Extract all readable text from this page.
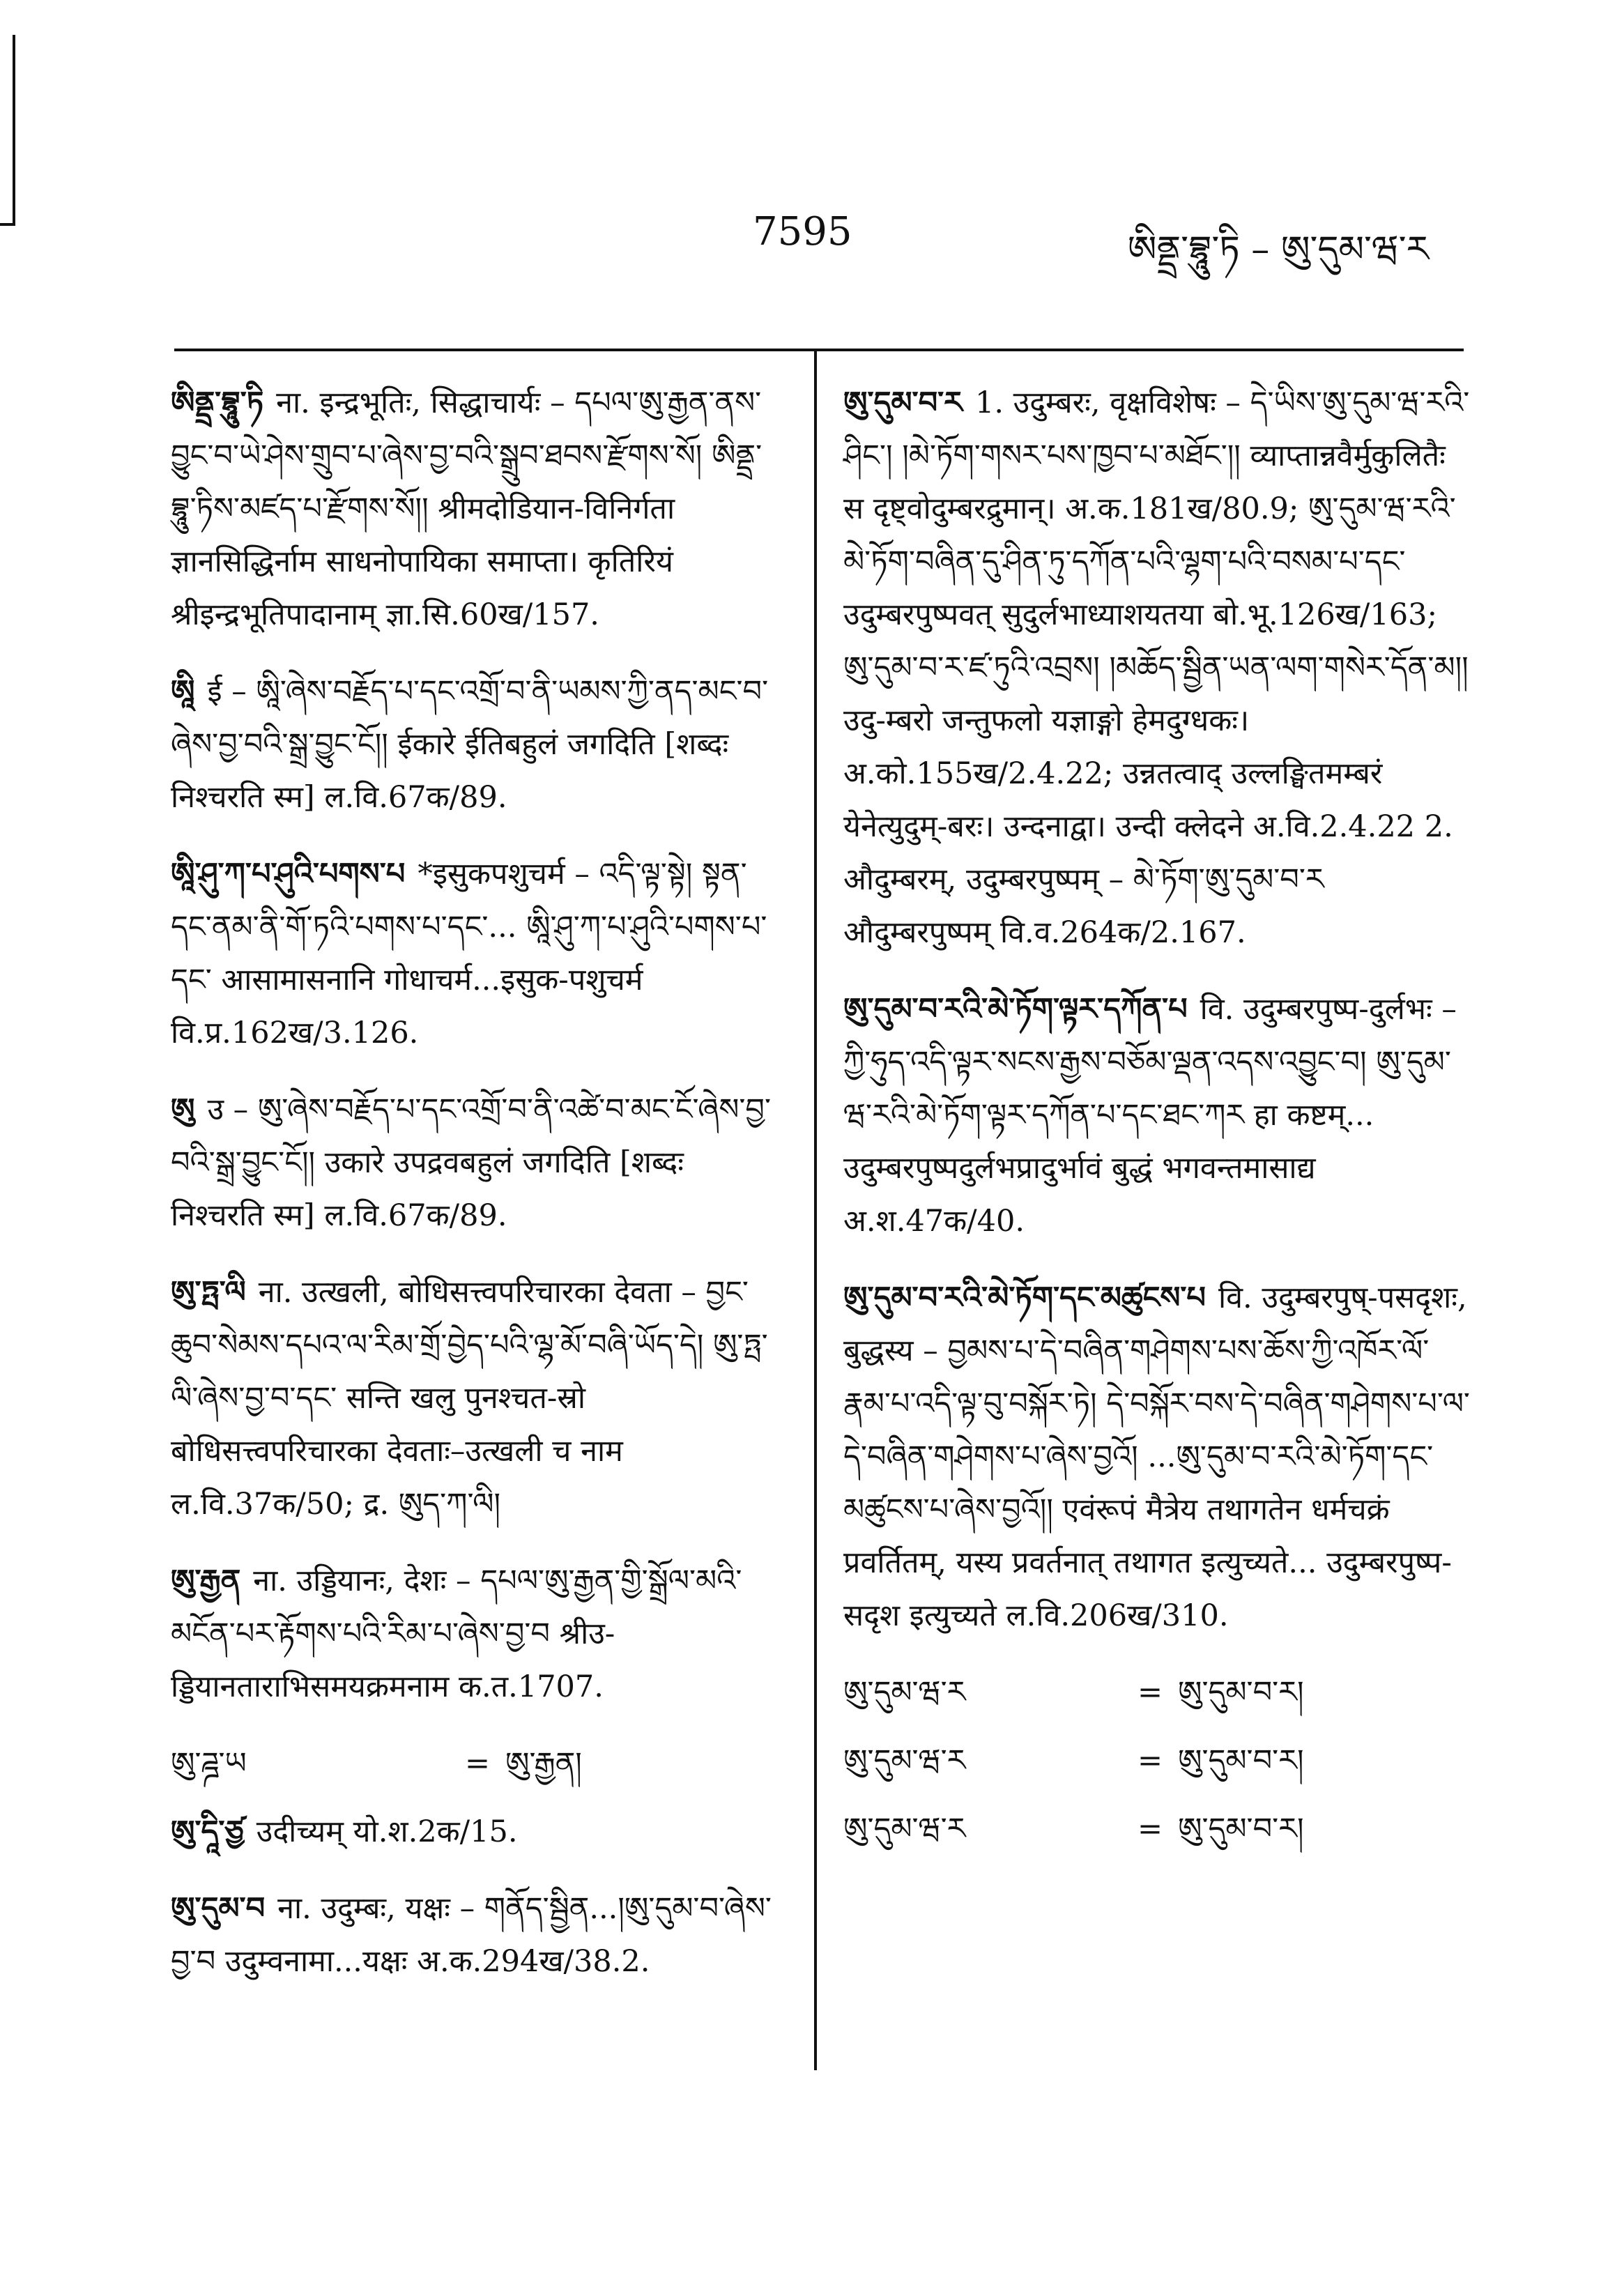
7595	ཨིནྡྲ་བྷཱུ་ཏི – ཨུ་དུམ་ཝ་ར
ཨིནྡྲ་བྷཱུ་ཏི ना. इन्द्रभूतिः, सिद्धाचार्यः – དཔལ་ཨུ་རྒྱན་ནས་བྱུང་བ་ཡེ་ཤེས་གྲུབ་པ་ཞེས་བྱ་བའི་སྒྲུབ་ཐབས་རྫོགས་སོ། ཨིནྡྲ་བྷཱུ་ཏིས་མཛད་པ་རྫོགས་སོ།། श्रीमदोडियान-विनिर्गता ज्ञानसिद्धिर्नाम साधनोपायिका समाप्ता। कृतिरियं श्रीइन्द्रभूतिपादानाम् ज्ञा.सि.60ख/157.
ཨཱི ई – ཨཱི་ཞེས་བརྗོད་པ་དང་འགྲོ་བ་ནི་ཡམས་ཀྱི་ནད་མང་བ་ཞེས་བྱ་བའི་སྒྲ་བྱུང་ངོ།། ईकारे ईतिबहुलं जगदिति [शब्दः निश्चरति स्म] ल.वि.67क/89.
ཨཱི་ཤུ་ཀ་པ་ཤུའི་པགས་པ *इसुकपशुचर्म – འདི་ལྟ་སྟེ། སྟན་དང་ནམ་ནི་གོ་ཏའི་པགས་པ་དང་... ཨཱི་ཤུ་ཀ་པ་ཤུའི་པགས་པ་དང་ आसामासनानि गोधाचर्म...इसुक-पशुचर्म वि.प्र.162ख/3.126.
ཨུ उ – ཨུ་ཞེས་བརྗོད་པ་དང་འགྲོ་བ་ནི་འཚེ་བ་མང་ངོ་ཞེས་བྱ་བའི་སྒྲ་བྱུང་ངོ།། उकारे उपद्रवबहुलं जगदिति [शब्दः निश्चरति स्म] ल.वि.67क/89.
ཨུ་ཏྤ་ལི ना. उत्खली, बोधिसत्त्वपरिचारका देवता – བྱང་ཆུབ་སེམས་དཔའ་ལ་རིམ་གྲོ་བྱེད་པའི་ལྷ་མོ་བཞི་ཡོད་དེ། ཨུ་ཏྤ་ལི་ཞེས་བྱ་བ་དང་ सन्ति खलु पुनश्चत-स्रो बोधिसत्त्वपरिचारका देवताः–उत्खली च नाम ल.वि.37क/50; द्र. ཨུད་ཀ་ལི།
ཨུ་རྒྱན ना. उड्डियानः, देशः – དཔལ་ཨུ་རྒྱན་གྱི་སྒྲོལ་མའི་མངོན་པར་རྟོགས་པའི་རིམ་པ་ཞེས་བྱ་བ श्रीउ-ड्डियानताराभिसमयक्रमनाम क.त.1707.
ཨུ་ཌྜ་ཡ	= ཨུ་རྒྱན།
ཨུ་དཱི་ཙྱ उदीच्यम् यो.श.2क/15.
ཨུ་དུམ་བ ना. उदुम्बः, यक्षः – གནོད་སྦྱིན...།ཨུ་དུམ་བ་ཞེས་བྱ་བ उदुम्वनामा...यक्षः अ.क.294ख/38.2.
ཨུ་དུམ་བ་ར 1. उदुम्बरः, वृक्षविशेषः – དེ་ཡིས་ཨུ་དུམ་ཝ་རའི་ཤིང་། །མེ་ཏོག་གསར་པས་ཁྱབ་པ་མཐོང་།། व्याप्तान्नवैर्मुकुलितैः स दृष्ट्वोदुम्बरद्रुमान्। अ.क.181ख/80.9; ཨུ་དུམ་ཝ་རའི་མེ་ཏོག་བཞིན་དུ་ཤིན་ཏུ་དཀོན་པའི་ལྷག་པའི་བསམ་པ་དང་ उदुम्बरपुष्पवत् सुदुर्लभाध्याशयतया बो.भू.126ख/163; ཨུ་དུམ་བ་ར་ཛ་ཏུའི་འབྲས། །མཆོད་སྦྱིན་ཡན་ལག་གསེར་དོན་མ།། उदु-म्बरो जन्तुफलो यज्ञाङ्गो हेमदुग्धकः। अ.को.155ख/2.4.22; उन्नतत्वाद् उल्लङ्घितमम्बरं येनेत्युदुम्-बरः। उन्दनाद्वा। उन्दी क्लेदने अ.वि.2.4.22 2. औदुम्बरम्, उदुम्बरपुष्पम् – མེ་ཏོག་ཨུ་དུམ་བ་ར औदुम्बरपुष्पम् वि.व.264क/2.167.
ཨུ་དུམ་བ་རའི་མེ་ཏོག་ལྟར་དཀོན་པ वि. उदुम्बरपुष्प-दुर्लभः – ཀྱི་ཧུད་འདི་ལྟར་སངས་རྒྱས་བཅོམ་ལྡན་འདས་འབྱུང་བ། ཨུ་དུམ་ཝ་རའི་མེ་ཏོག་ལྟར་དཀོན་པ་དང་ཐང་ཀར हा कष्टम्... उदुम्बरपुष्पदुर्लभप्रादुर्भावं बुद्धं भगवन्तमासाद्य अ.श.47क/40.
ཨུ་དུམ་བ་རའི་མེ་ཏོག་དང་མཚུངས་པ वि. उदुम्बरपुष्-पसदृशः, बुद्धस्य – བྱམས་པ་དེ་བཞིན་གཤེགས་པས་ཆོས་ཀྱི་འཁོར་ལོ་རྣམ་པ་འདི་ལྟ་བུ་བསྐོར་ཏེ། དེ་བསྐོར་བས་དེ་བཞིན་གཤེགས་པ་ལ་དེ་བཞིན་གཤེགས་པ་ཞེས་བྱའོ། ...ཨུ་དུམ་བ་རའི་མེ་ཏོག་དང་མཚུངས་པ་ཞེས་བྱའོ།། एवंरूपं मैत्रेय तथागतेन धर्मचक्रं प्रवर्तितम्, यस्य प्रवर्तनात् तथागत इत्युच्यते... उदुम्बरपुष्प-सदृश इत्युच्यते ल.वि.206ख/310.
ཨུ་དུམ་ཝ་ར	= ཨུ་དུམ་བ་ར།
ཨུ་དུམ་ཝ་ར	= ཨུ་དུམ་བ་ར།
ཨུ་དུམ་ཝ་ར	= ཨུ་དུམ་བ་ར།
